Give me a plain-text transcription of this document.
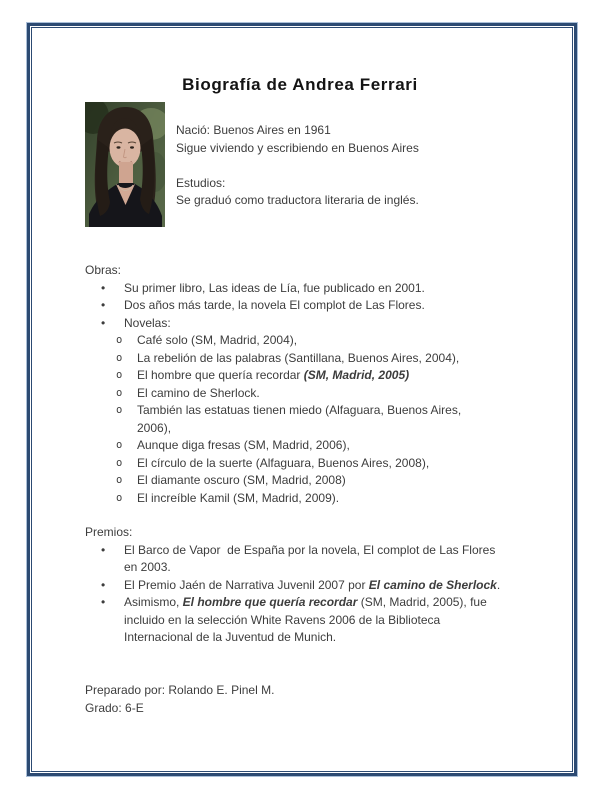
Biografía de Andrea Ferrari
Nació: Buenos Aires en 1961
Sigue viviendo y escribiendo en Buenos Aires

Estudios:
Se graduó como traductora literaria de inglés.
Obras:
•	Su primer libro, Las ideas de Lía, fue publicado en 2001.
•	Dos años más tarde, la novela El complot de Las Flores.
•	Novelas:
o	Café solo (SM, Madrid, 2004),
o	La rebelión de las palabras (Santillana, Buenos Aires, 2004),
o	El hombre que quería recordar (SM, Madrid, 2005)
o	El camino de Sherlock.
o	También las estatuas tienen miedo (Alfaguara, Buenos Aires,
2006),
o	Aunque diga fresas (SM, Madrid, 2006),
o	El círculo de la suerte (Alfaguara, Buenos Aires, 2008),
o	El diamante oscuro (SM, Madrid, 2008)
o	El increíble Kamil (SM, Madrid, 2009).
Premios:
•	El Barco de Vapor  de España por la novela, El complot de Las Flores
en 2003.
•	El Premio Jaén de Narrativa Juvenil 2007 por El camino de Sherlock.
•	Asimismo, El hombre que quería recordar (SM, Madrid, 2005), fue
incluido en la selección White Ravens 2006 de la Biblioteca
Internacional de la Juventud de Munich.
Preparado por: Rolando E. Pinel M.
Grado: 6-E
